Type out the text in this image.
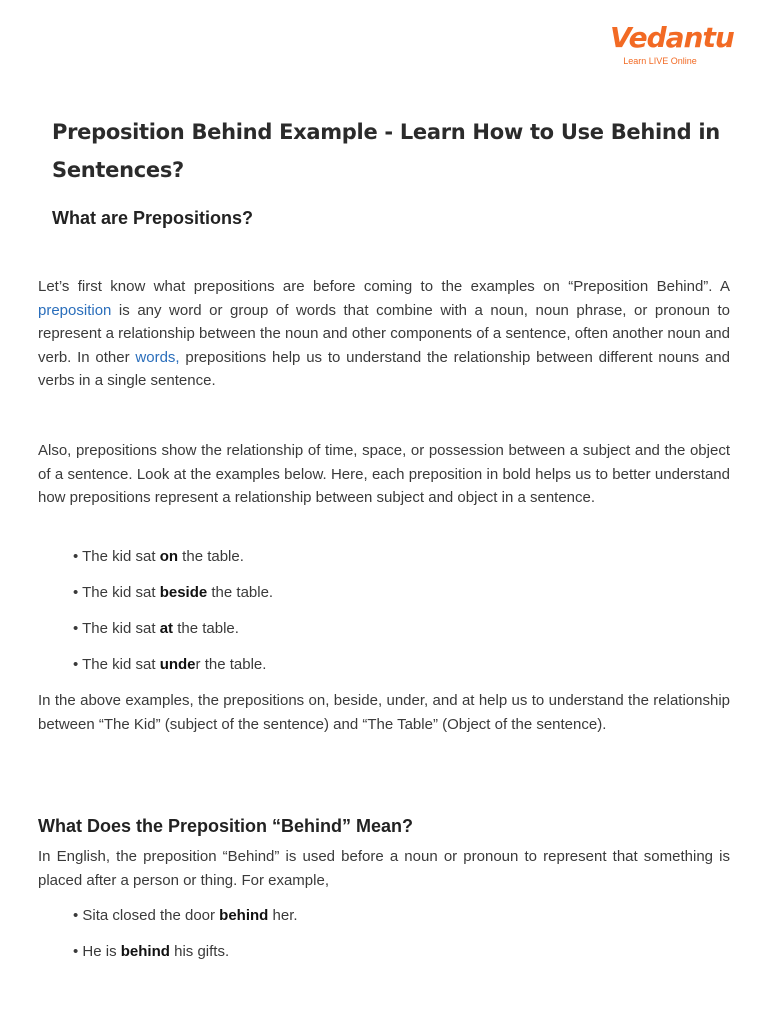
Vedantu
Learn LIVE Online
Preposition Behind Example - Learn How to Use Behind in Sentences?
What are Prepositions?

Let’s first know what prepositions are before coming to the examples on “Preposition Behind”. A preposition is any word or group of words that combine with a noun, noun phrase, or pronoun to represent a relationship between the noun and other components of a sentence, often another noun and verb. In other words, prepositions help us to understand the relationship between different nouns and verbs in a single sentence.

Also, prepositions show the relationship of time, space, or possession between a subject and the object of a sentence. Look at the examples below. Here, each preposition in bold helps us to better understand how prepositions represent a relationship between subject and object in a sentence.

• The kid sat on the table.

• The kid sat beside the table.

• The kid sat at the table.

• The kid sat under the table.

In the above examples, the prepositions on, beside, under, and at help us to understand the relationship between “The Kid” (subject of the sentence) and “The Table” (Object of the sentence).

What Does the Preposition “Behind” Mean?

In English, the preposition “Behind” is used before a noun or pronoun to represent that something is placed after a person or thing. For example,

• Sita closed the door behind her.

• He is behind his gifts.
